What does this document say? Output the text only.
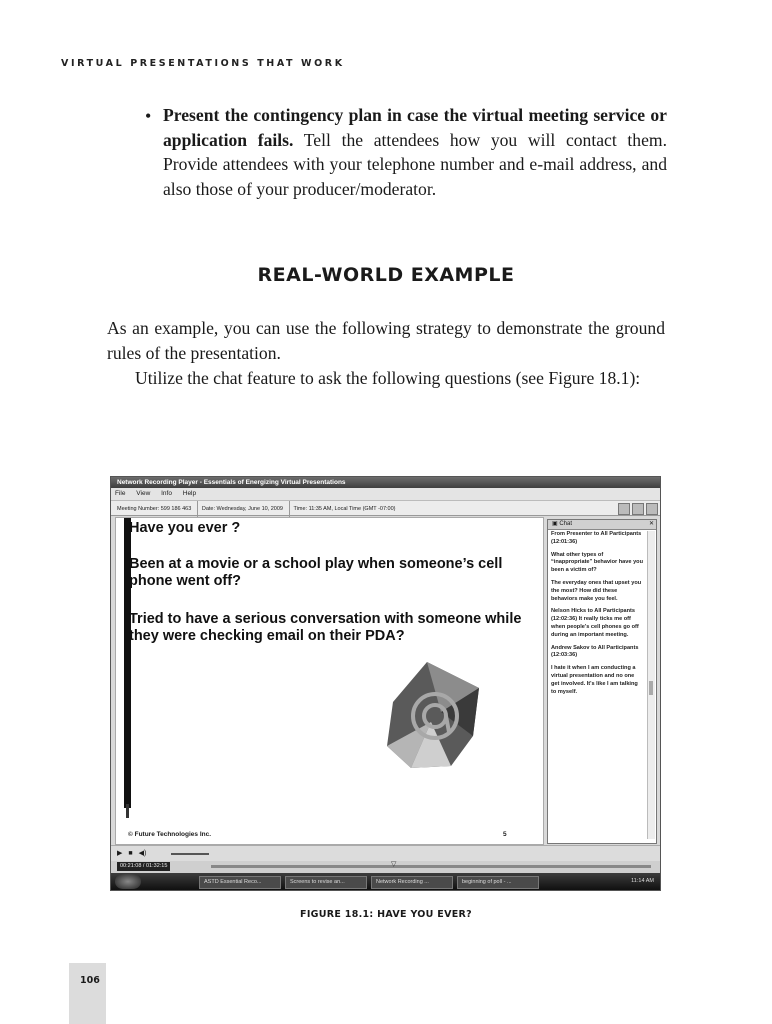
VIRTUAL PRESENTATIONS THAT WORK
• Present the contingency plan in case the virtual meeting service or application fails. Tell the attendees how you will contact them. Provide attendees with your telephone number and e-mail address, and also those of your producer/moderator.
REAL-WORLD EXAMPLE
As an example, you can use the following strategy to demonstrate the ground rules of the presentation.
Utilize the chat feature to ask the following questions (see Figure 18.1):
Network Recording Player - Essentials of Energizing Virtual Presentations
File View Info Help
Meeting Number: 599 186 463 Date: Wednesday, June 10, 2009 Time: 11:35 AM, Local Time (GMT -07:00)
Have you ever ?
Been at a movie or a school play when someone’s cell phone went off?
Tried to have a serious conversation with someone while they were checking email on their PDA?
© Future Technologies Inc.	5
▣ Chat	✕
From Presenter to All Participants (12:01:36)
What other types of “inappropriate” behavior have you been a victim of?
The everyday ones that upset you the most? How did these behaviors make you feel.
Nelson Hicks to All Participants (12:02:36) It really ticks me off when people's cell phones go off during an important meeting.
Andrew Sakov to All Participants (12:03:36)
I hate it when I am conducting a virtual presentation and no one get involved. It's like I am talking to myself.
▶ ■ ◀)
00:21:08 / 01:32:15	▽
ASTD Essential Reco...	Screens to revise an...	Network Recording ...	beginning of poll - ...	11:14 AM
FIGURE 18.1: HAVE YOU EVER?
106
